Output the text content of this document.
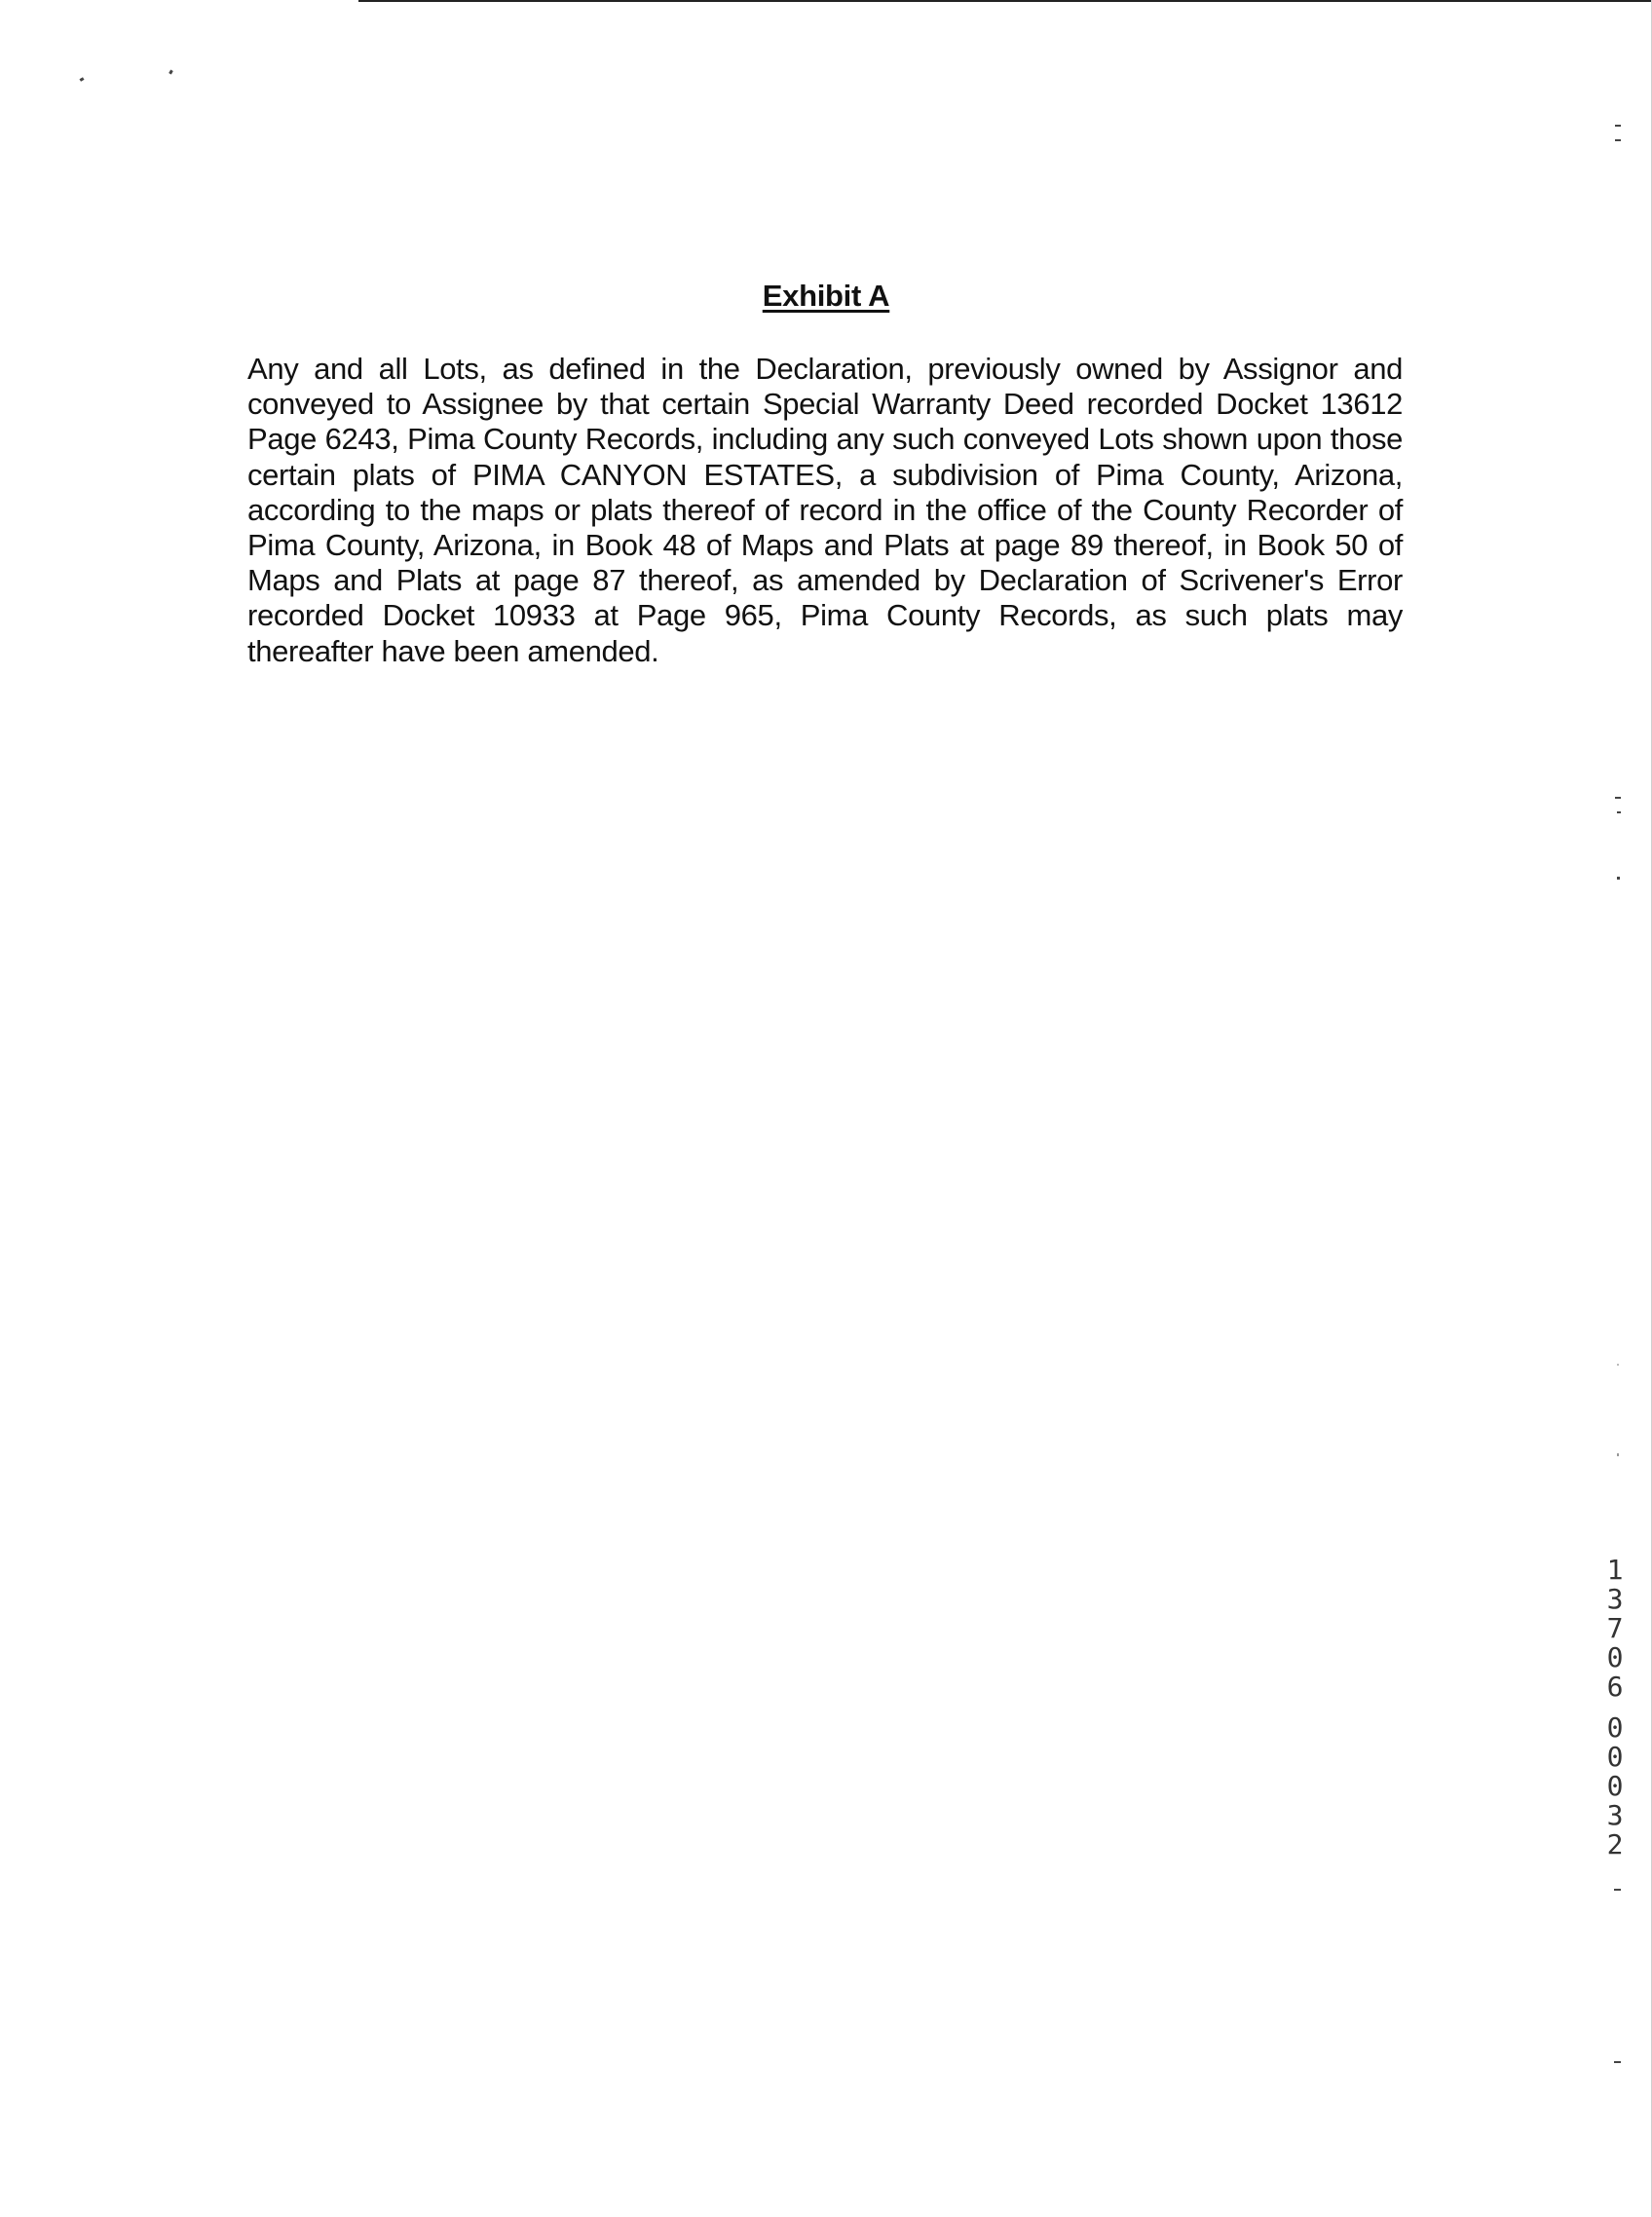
Exhibit A

Any and all Lots, as defined in the Declaration, previously owned by Assignor and conveyed to Assignee by that certain Special Warranty Deed recorded Docket 13612 Page 6243, Pima County Records, including any such conveyed Lots shown upon those certain plats of PIMA CANYON ESTATES, a subdivision of Pima County, Arizona, according to the maps or plats thereof of record in the office of the County Recorder of Pima County, Arizona, in Book 48 of Maps and Plats at page 89 thereof, in Book 50 of Maps and Plats at page 87 thereof, as amended by Declaration of Scrivener's Error recorded Docket 10933 at Page 965, Pima County Records, as such plats may thereafter have been amended.

13706
00032
